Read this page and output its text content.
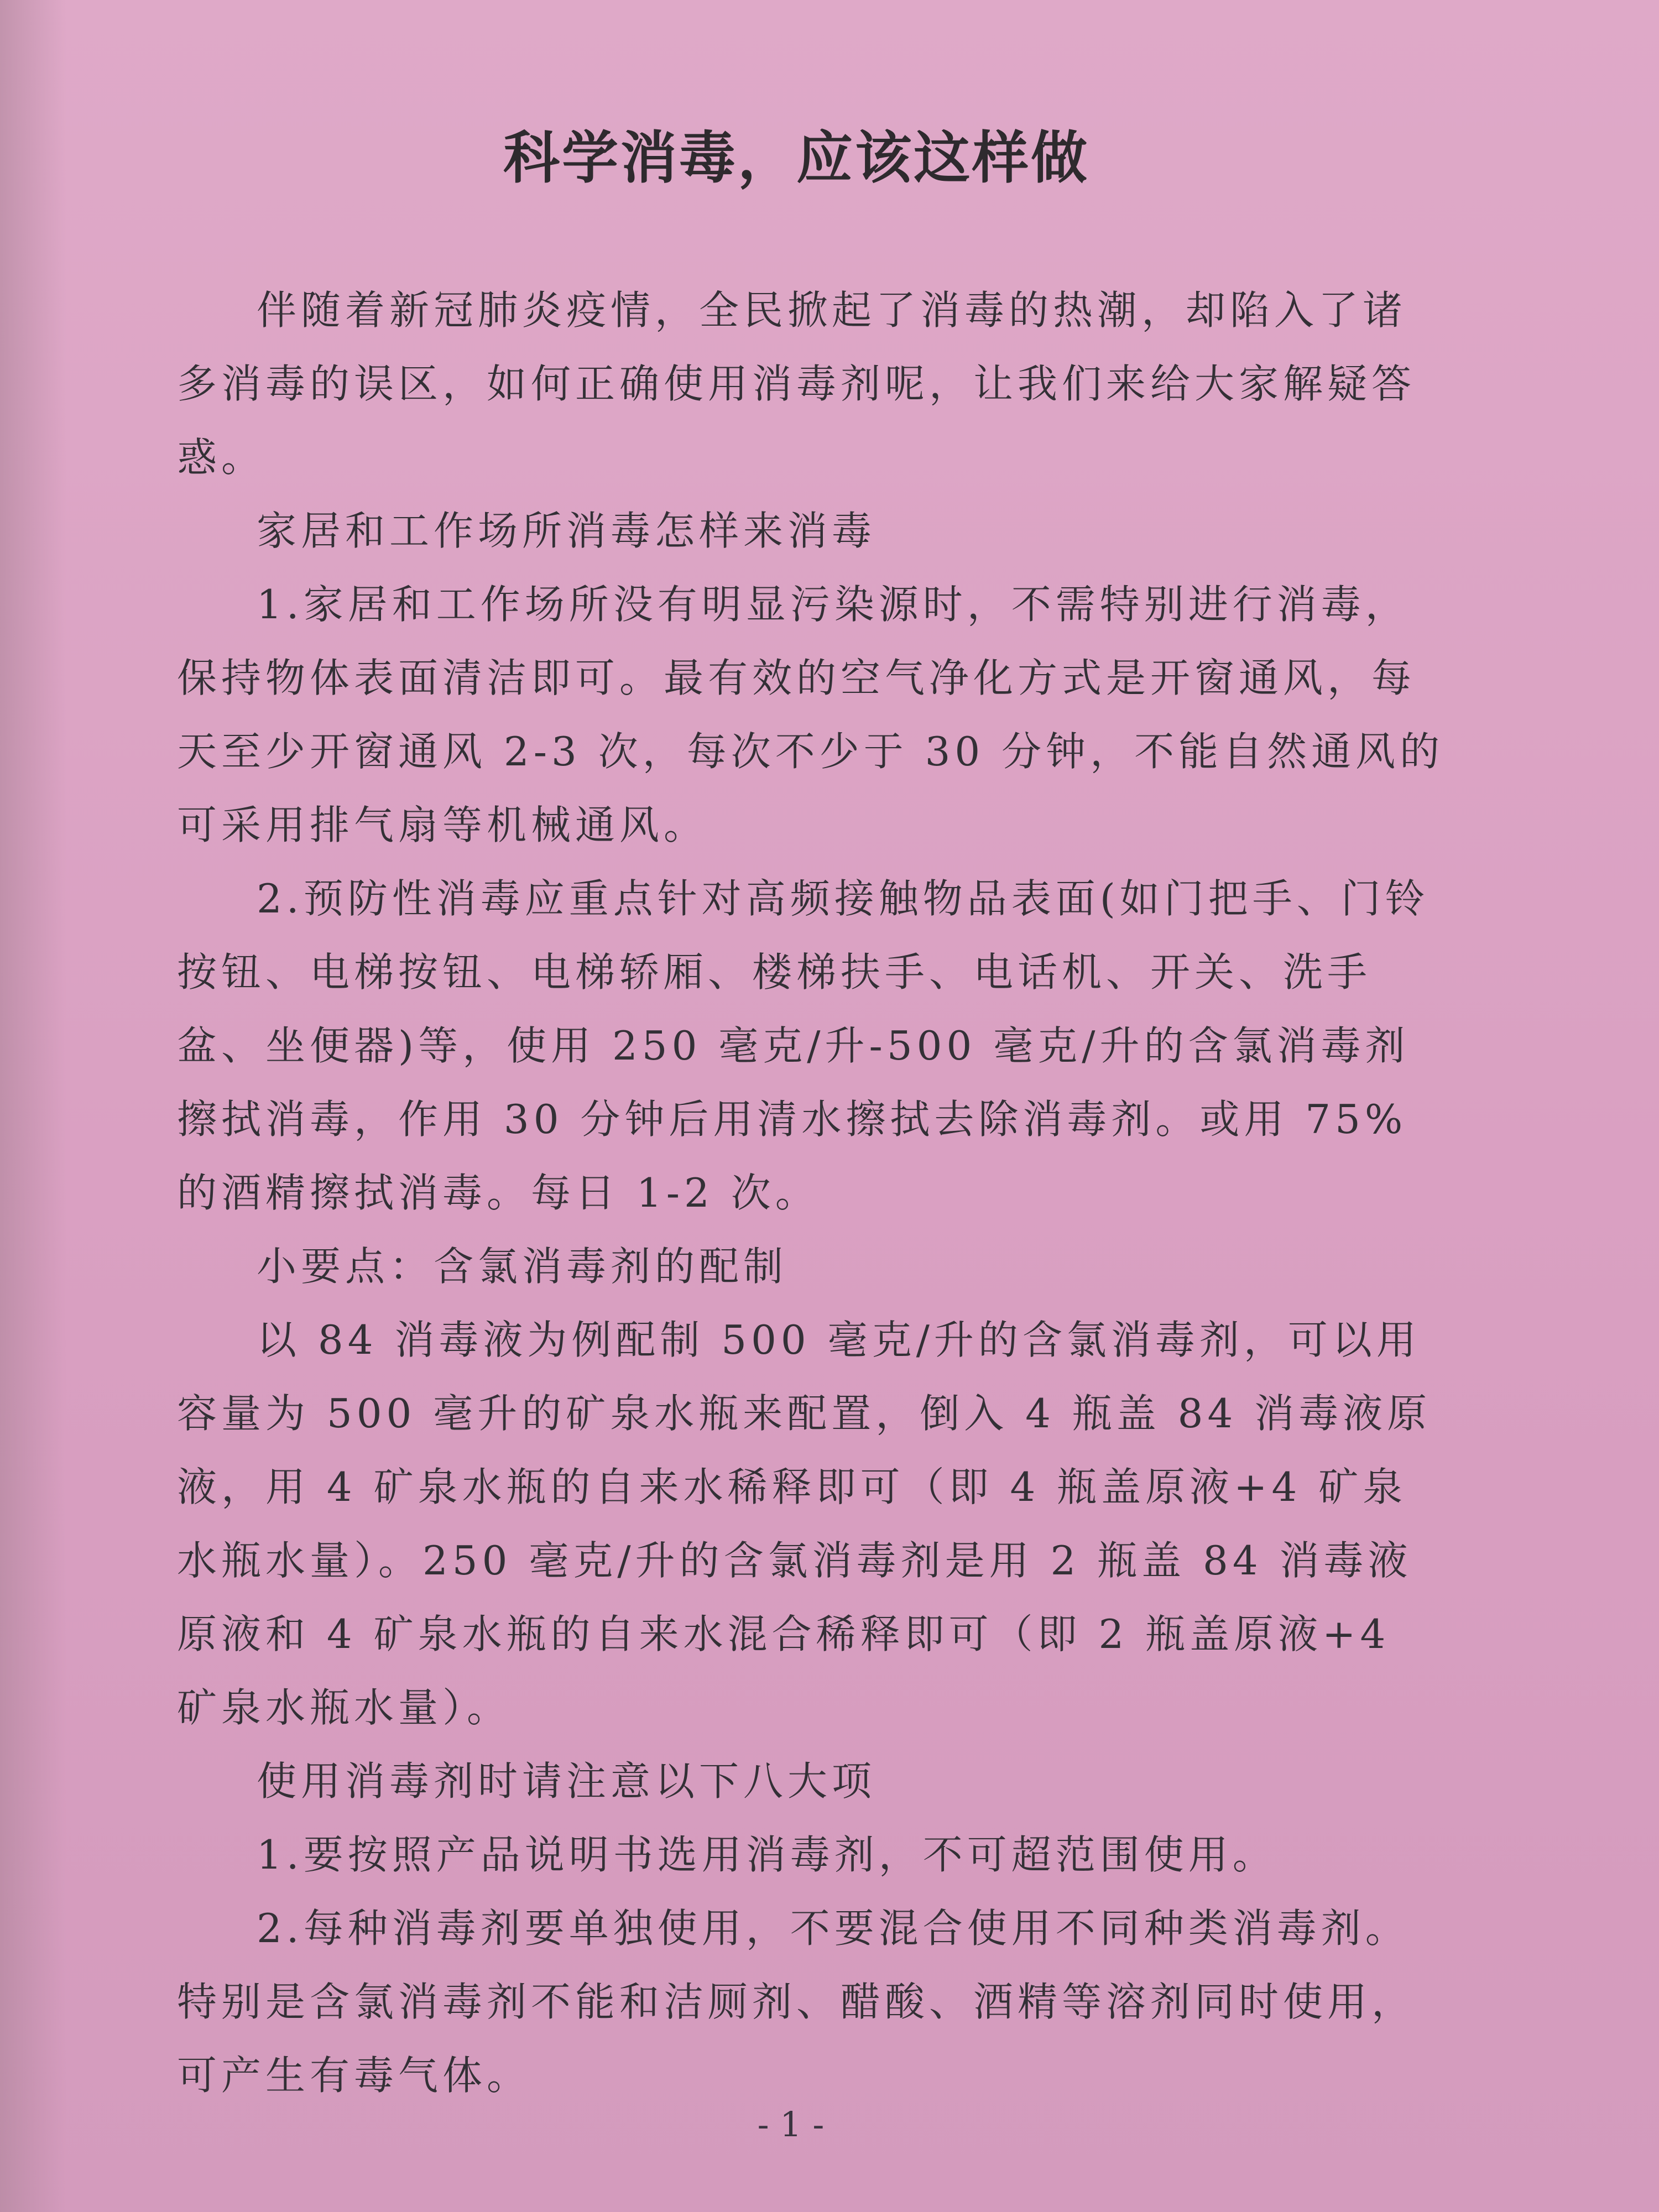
科学消毒，应该这样做

伴随着新冠肺炎疫情，全民掀起了消毒的热潮，却陷入了诸多消毒的误区，如何正确使用消毒剂呢，让我们来给大家解疑答惑。

家居和工作场所消毒怎样来消毒

1.家居和工作场所没有明显污染源时，不需特别进行消毒，保持物体表面清洁即可。最有效的空气净化方式是开窗通风，每天至少开窗通风 2-3 次，每次不少于 30 分钟，不能自然通风的可采用排气扇等机械通风。

2.预防性消毒应重点针对高频接触物品表面(如门把手、门铃按钮、电梯按钮、电梯轿厢、楼梯扶手、电话机、开关、洗手盆、坐便器)等，使用 250 毫克/升-500 毫克/升的含氯消毒剂擦拭消毒，作用 30 分钟后用清水擦拭去除消毒剂。或用 75%的酒精擦拭消毒。每日 1-2 次。

小要点：含氯消毒剂的配制

以 84 消毒液为例配制 500 毫克/升的含氯消毒剂，可以用容量为 500 毫升的矿泉水瓶来配置，倒入 4 瓶盖 84 消毒液原液，用 4 矿泉水瓶的自来水稀释即可（即 4 瓶盖原液+4 矿泉水瓶水量）。250 毫克/升的含氯消毒剂是用 2 瓶盖 84 消毒液原液和 4 矿泉水瓶的自来水混合稀释即可（即 2 瓶盖原液+4 矿泉水瓶水量）。

使用消毒剂时请注意以下八大项

1.要按照产品说明书选用消毒剂，不可超范围使用。

2.每种消毒剂要单独使用，不要混合使用不同种类消毒剂。特别是含氯消毒剂不能和洁厕剂、醋酸、酒精等溶剂同时使用，可产生有毒气体。

- 1 -
